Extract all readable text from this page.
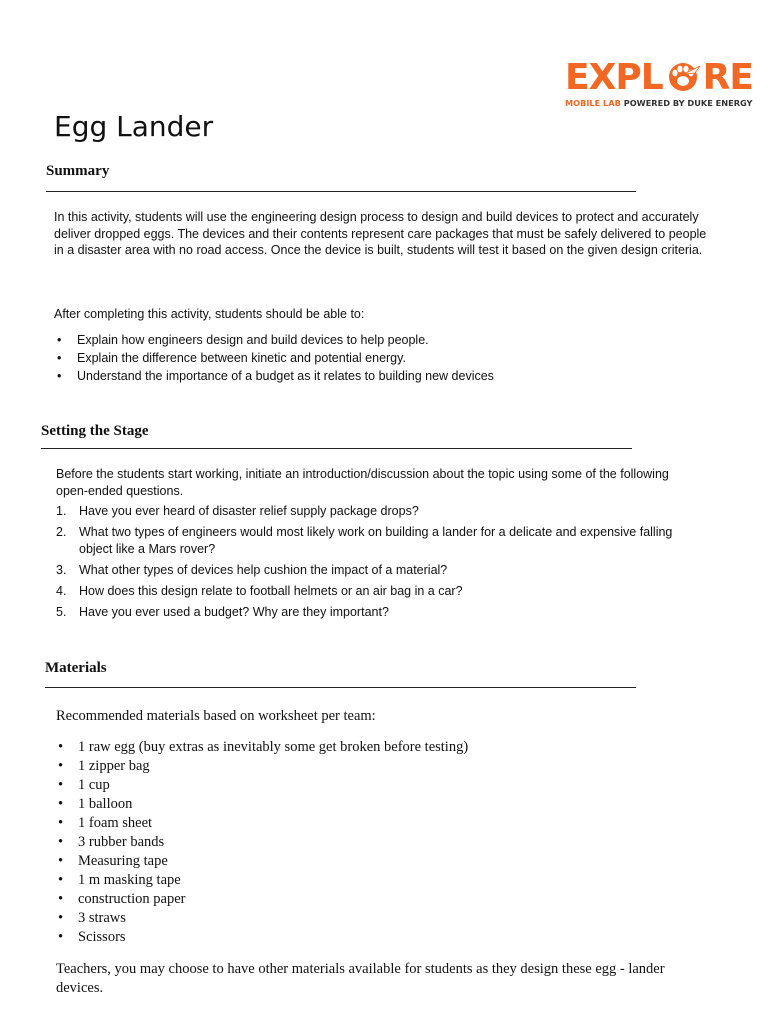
EXPL RE
MOBILE LAB POWERED BY DUKE ENERGY
Egg Lander
Summary

In this activity, students will use the engineering design process to design and build devices to protect and accurately deliver dropped eggs. The devices and their contents represent care packages that must be safely delivered to people in a disaster area with no road access. Once the device is built, students will test it based on the given design criteria.

After completing this activity, students should be able to:

• Explain how engineers design and build devices to help people.
• Explain the difference between kinetic and potential energy.
• Understand the importance of a budget as it relates to building new devices
Setting the Stage

Before the students start working, initiate an introduction/discussion about the topic using some of the following open-ended questions.

1. Have you ever heard of disaster relief supply package drops?
2. What two types of engineers would most likely work on building a lander for a delicate and expensive falling object like a Mars rover?
3. What other types of devices help cushion the impact of a material?
4. How does this design relate to football helmets or an air bag in a car?
5. Have you ever used a budget? Why are they important?
Materials

Recommended materials based on worksheet per team:

• 1 raw egg (buy extras as inevitably some get broken before testing)
• 1 zipper bag
• 1 cup
• 1 balloon
• 1 foam sheet
• 3 rubber bands
• Measuring tape
• 1 m masking tape
• construction paper
• 3 straws
• Scissors

Teachers, you may choose to have other materials available for students as they design these egg - lander devices.
